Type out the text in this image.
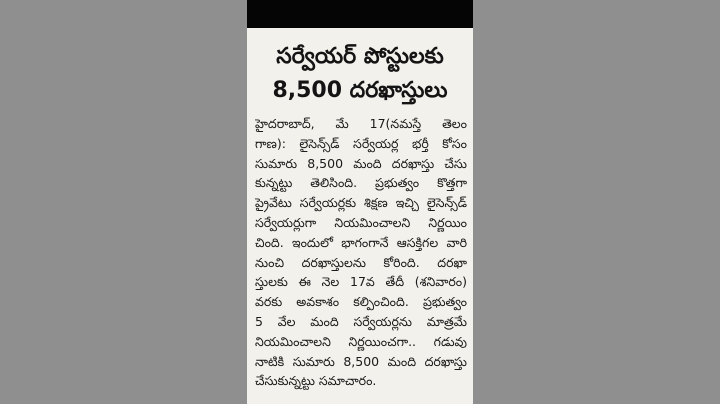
సర్వేయర్ పోస్టులకు
8,500 దరఖాస్తులు
హైదరాబాద్, మే 17(నమస్తే తెలం
గాణ): లైసెన్స్‌డ్ సర్వేయర్ల భర్తీ కోసం
సుమారు 8,500 మంది దరఖాస్తు చేసు
కున్నట్టు తెలిసింది. ప్రభుత్వం కొత్తగా
ప్రైవేటు సర్వేయర్లకు శిక్షణ ఇచ్చి లైసెన్స్‌డ్
సర్వేయర్లుగా నియమించాలని నిర్ణయిం
చింది. ఇందులో భాగంగానే ఆసక్తిగల వారి
నుంచి దరఖాస్తులను కోరింది. దరఖా
స్తులకు ఈ నెల 17వ తేదీ (శనివారం)
వరకు అవకాశం కల్పించింది. ప్రభుత్వం
5 వేల మంది సర్వేయర్లను మాత్రమే
నియమించాలని నిర్ణయించగా.. గడువు
నాటికి సుమారు 8,500 మంది దరఖాస్తు
చేసుకున్నట్టు సమాచారం.
